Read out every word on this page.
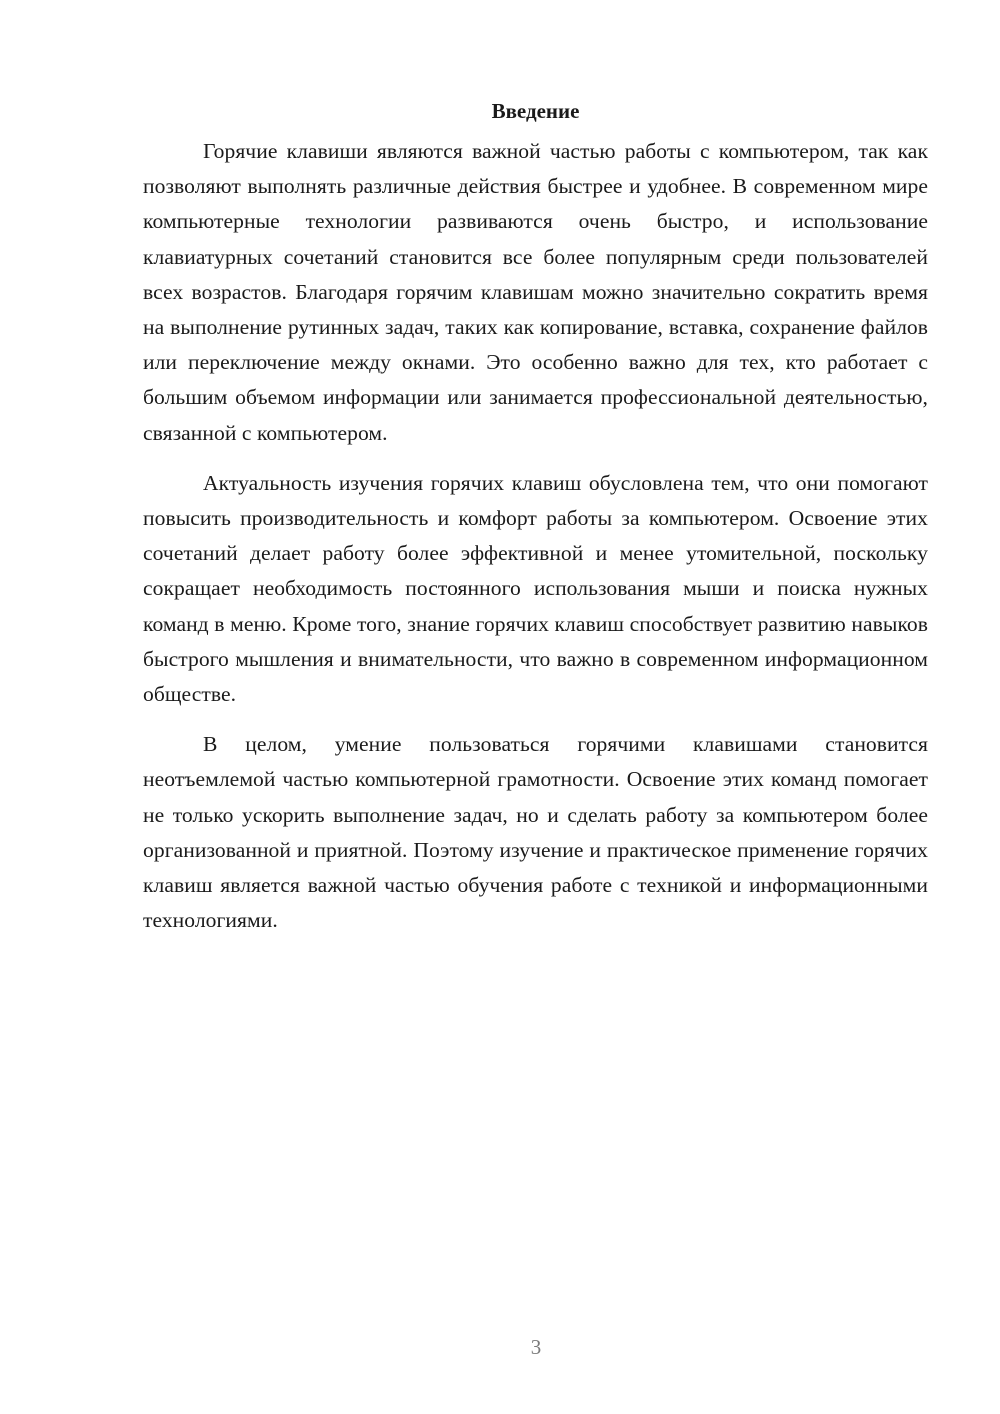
Введение

Горячие клавиши являются важной частью работы с компьютером, так как позволяют выполнять различные действия быстрее и удобнее. В современном мире компьютерные технологии развиваются очень быстро, и использование клавиатурных сочетаний становится все более популярным среди пользователей всех возрастов. Благодаря горячим клавишам можно значительно сократить время на выполнение рутинных задач, таких как копирование, вставка, сохранение файлов или переключение между окнами. Это особенно важно для тех, кто работает с большим объемом информации или занимается профессиональной деятельностью, связанной с компьютером.

Актуальность изучения горячих клавиш обусловлена тем, что они помогают повысить производительность и комфорт работы за компьютером. Освоение этих сочетаний делает работу более эффективной и менее утомительной, поскольку сокращает необходимость постоянного использования мыши и поиска нужных команд в меню. Кроме того, знание горячих клавиш способствует развитию навыков быстрого мышления и внимательности, что важно в современном информационном обществе.

В целом, умение пользоваться горячими клавишами становится неотъемлемой частью компьютерной грамотности. Освоение этих команд помогает не только ускорить выполнение задач, но и сделать работу за компьютером более организованной и приятной. Поэтому изучение и практическое применение горячих клавиш является важной частью обучения работе с техникой и информационными технологиями.

3
